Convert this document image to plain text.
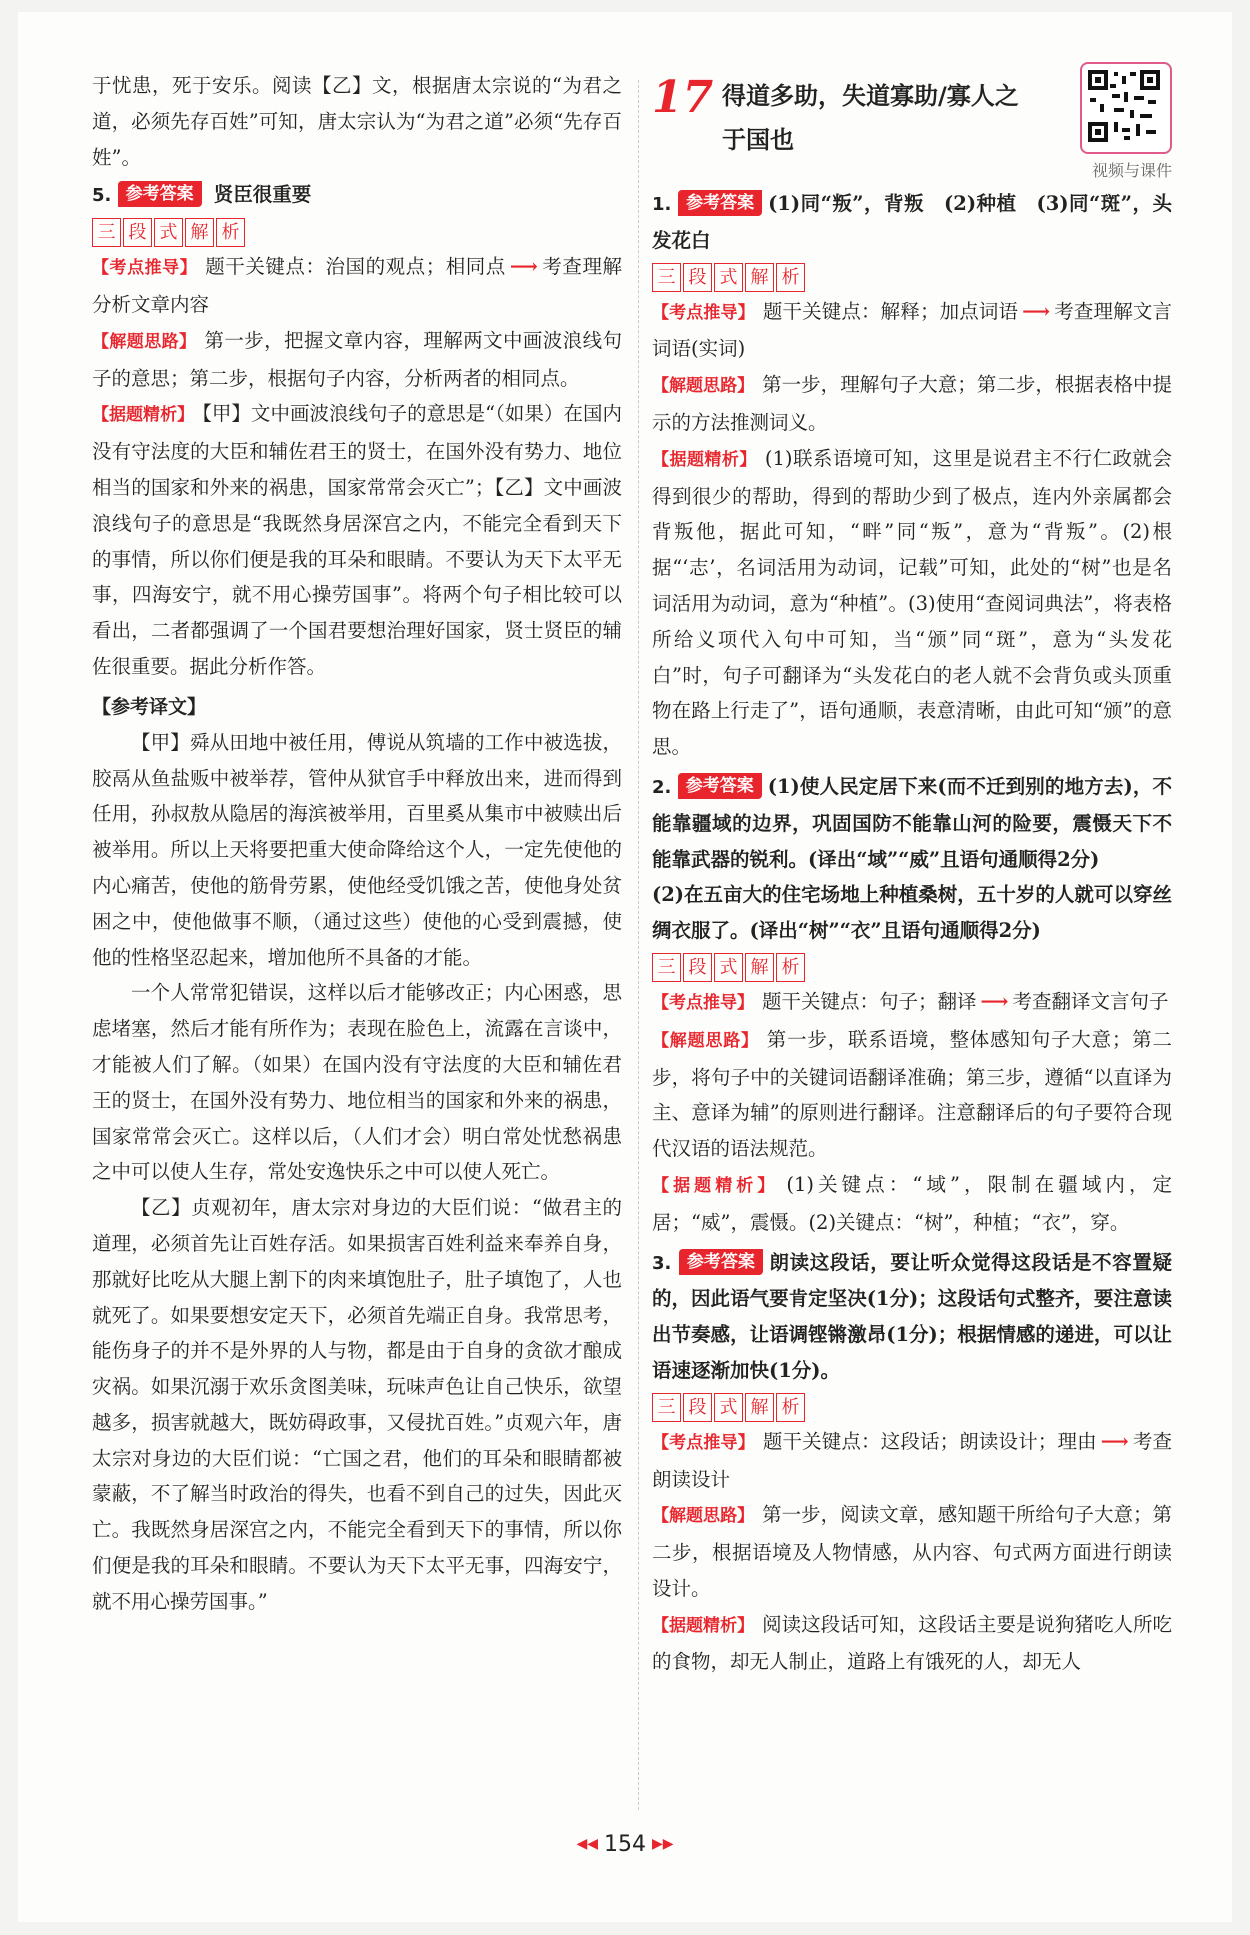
于忧患，死于安乐。阅读【乙】文，根据唐太宗说的“为君之道，必须先存百姓”可知，唐太宗认为“为君之道”必须“先存百姓”。

5. 参考答案 贤臣很重要

三 段 式 解 析

【考点推导】 题干关键点：治国的观点；相同点 ⟶ 考查理解分析文章内容

【解题思路】 第一步，把握文章内容，理解两文中画波浪线句子的意思；第二步，根据句子内容，分析两者的相同点。

【据题精析】 【甲】文中画波浪线句子的意思是“（如果）在国内没有守法度的大臣和辅佐君王的贤士，在国外没有势力、地位相当的国家和外来的祸患，国家常常会灭亡”；【乙】文中画波浪线句子的意思是“我既然身居深宫之内，不能完全看到天下的事情，所以你们便是我的耳朵和眼睛。不要认为天下太平无事，四海安宁，就不用心操劳国事”。将两个句子相比较可以看出，二者都强调了一个国君要想治理好国家，贤士贤臣的辅佐很重要。据此分析作答。

【参考译文】

【甲】舜从田地中被任用，傅说从筑墙的工作中被选拔，胶鬲从鱼盐贩中被举荐，管仲从狱官手中释放出来，进而得到任用，孙叔敖从隐居的海滨被举用，百里奚从集市中被赎出后被举用。所以上天将要把重大使命降给这个人，一定先使他的内心痛苦，使他的筋骨劳累，使他经受饥饿之苦，使他身处贫困之中，使他做事不顺，（通过这些）使他的心受到震撼，使他的性格坚忍起来，增加他所不具备的才能。

一个人常常犯错误，这样以后才能够改正；内心困惑，思虑堵塞，然后才能有所作为；表现在脸色上，流露在言谈中，才能被人们了解。（如果）在国内没有守法度的大臣和辅佐君王的贤士，在国外没有势力、地位相当的国家和外来的祸患，国家常常会灭亡。这样以后，（人们才会）明白常处忧愁祸患之中可以使人生存，常处安逸快乐之中可以使人死亡。

【乙】贞观初年，唐太宗对身边的大臣们说：“做君主的道理，必须首先让百姓存活。如果损害百姓利益来奉养自身，那就好比吃从大腿上割下的肉来填饱肚子，肚子填饱了，人也就死了。如果要想安定天下，必须首先端正自身。我常思考，能伤身子的并不是外界的人与物，都是由于自身的贪欲才酿成灾祸。如果沉溺于欢乐贪图美味，玩味声色让自己快乐，欲望越多，损害就越大，既妨碍政事，又侵扰百姓。”贞观六年，唐太宗对身边的大臣们说：“亡国之君，他们的耳朵和眼睛都被蒙蔽，不了解当时政治的得失，也看不到自己的过失，因此灭亡。我既然身居深宫之内，不能完全看到天下的事情，所以你们便是我的耳朵和眼睛。不要认为天下太平无事，四海安宁，就不用心操劳国事。”

17 得道多助，失道寡助/寡人之于国也
视频与课件

1. 参考答案 (1)同“叛”，背叛　(2)种植　(3)同“斑”，头发花白

三 段 式 解 析

【考点推导】 题干关键点：解释；加点词语 ⟶ 考查理解文言词语(实词)

【解题思路】 第一步，理解句子大意；第二步，根据表格中提示的方法推测词义。

【据题精析】 (1)联系语境可知，这里是说君主不行仁政就会得到很少的帮助，得到的帮助少到了极点，连内外亲属都会背叛他，据此可知，“畔”同“叛”，意为“背叛”。(2)根据“‘志’，名词活用为动词，记载”可知，此处的“树”也是名词活用为动词，意为“种植”。(3)使用“查阅词典法”，将表格所给义项代入句中可知，当“颁”同“斑”，意为“头发花白”时，句子可翻译为“头发花白的老人就不会背负或头顶重物在路上行走了”，语句通顺，表意清晰，由此可知“颁”的意思。

2. 参考答案 (1)使人民定居下来(而不迁到别的地方去)，不能靠疆域的边界，巩固国防不能靠山河的险要，震慑天下不能靠武器的锐利。(译出“域”“威”且语句通顺得2分)

(2)在五亩大的住宅场地上种植桑树，五十岁的人就可以穿丝绸衣服了。(译出“树”“衣”且语句通顺得2分)

三 段 式 解 析

【考点推导】 题干关键点：句子；翻译 ⟶ 考查翻译文言句子

【解题思路】 第一步，联系语境，整体感知句子大意；第二步，将句子中的关键词语翻译准确；第三步，遵循“以直译为主、意译为辅”的原则进行翻译。注意翻译后的句子要符合现代汉语的语法规范。

【据题精析】 (1)关键点：“域”，限制在疆域内，定居；“威”，震慑。(2)关键点：“树”，种植；“衣”，穿。

3. 参考答案 朗读这段话，要让听众觉得这段话是不容置疑的，因此语气要肯定坚决(1分)；这段话句式整齐，要注意读出节奏感，让语调铿锵激昂(1分)；根据情感的递进，可以让语速逐渐加快(1分)。

三 段 式 解 析

【考点推导】 题干关键点：这段话；朗读设计；理由 ⟶ 考查朗读设计

【解题思路】 第一步，阅读文章，感知题干所给句子大意；第二步，根据语境及人物情感，从内容、句式两方面进行朗读设计。

【据题精析】 阅读这段话可知，这段话主要是说狗猪吃人所吃的食物，却无人制止，道路上有饿死的人，却无人

◀◀ 154 ▶▶
